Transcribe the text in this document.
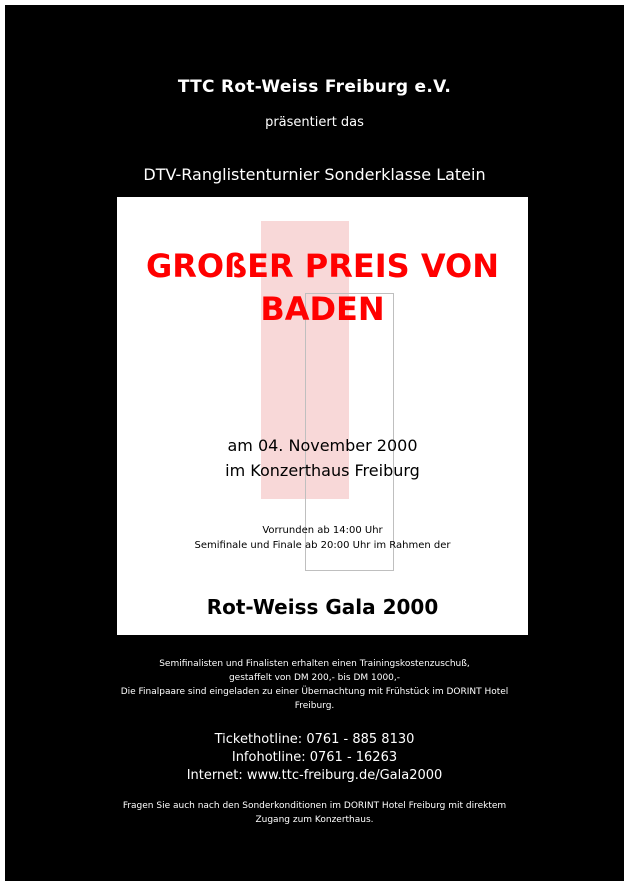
TTC Rot-Weiss Freiburg e.V.
präsentiert das
DTV-Ranglistenturnier Sonderklasse Latein
GROßER PREIS VON
BADEN
am 04. November 2000
im Konzerthaus Freiburg
Vorrunden ab 14:00 Uhr
Semifinale und Finale ab 20:00 Uhr im Rahmen der
Rot-Weiss Gala 2000
Semifinalisten und Finalisten erhalten einen Trainingskostenzuschuß,
gestaffelt von DM 200,- bis DM 1000,-
Die Finalpaare sind eingeladen zu einer Übernachtung mit Frühstück im DORINT Hotel
Freiburg.
Tickethotline: 0761 - 885 8130
Infohotline: 0761 - 16263
Internet: www.ttc-freiburg.de/Gala2000
Fragen Sie auch nach den Sonderkonditionen im DORINT Hotel Freiburg mit direktem
Zugang zum Konzerthaus.
